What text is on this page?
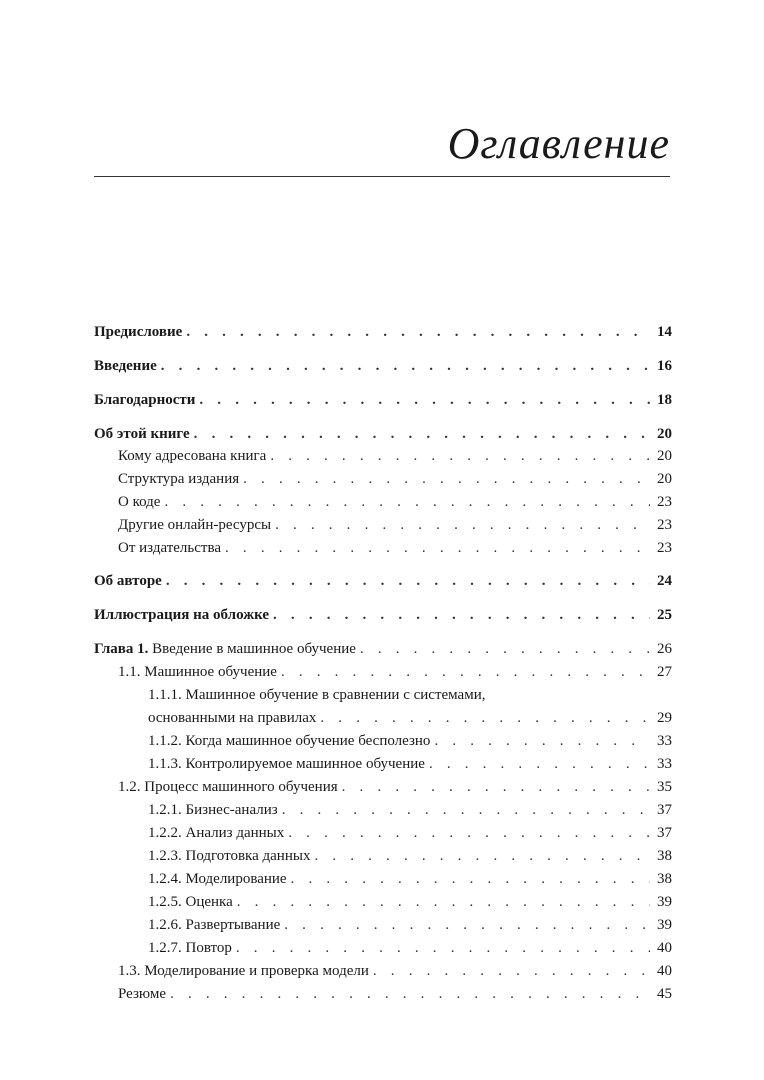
Оглавление
Предисловие . . .	14
Введение . . .	16
Благодарности . . .	18
Об этой книге . . .	20
Кому адресована книга . . .	20
Структура издания . . .	20
О коде . . .	23
Другие онлайн-ресурсы . . .	23
От издательства . . .	23
Об авторе . . .	24
Иллюстрация на обложке . . .	25
Глава 1. Введение в машинное обучение . . .	26
1.1. Машинное обучение . . .	27
1.1.1. Машинное обучение в сравнении с системами,
основанными на правилах . . .	29
1.1.2. Когда машинное обучение бесполезно . . .	33
1.1.3. Контролируемое машинное обучение . . .	33
1.2. Процесс машинного обучения . . .	35
1.2.1. Бизнес-анализ . . .	37
1.2.2. Анализ данных . . .	37
1.2.3. Подготовка данных . . .	38
1.2.4. Моделирование . . .	38
1.2.5. Оценка . . .	39
1.2.6. Развертывание . . .	39
1.2.7. Повтор . . .	40
1.3. Моделирование и проверка модели . . .	40
Резюме . . .	45
